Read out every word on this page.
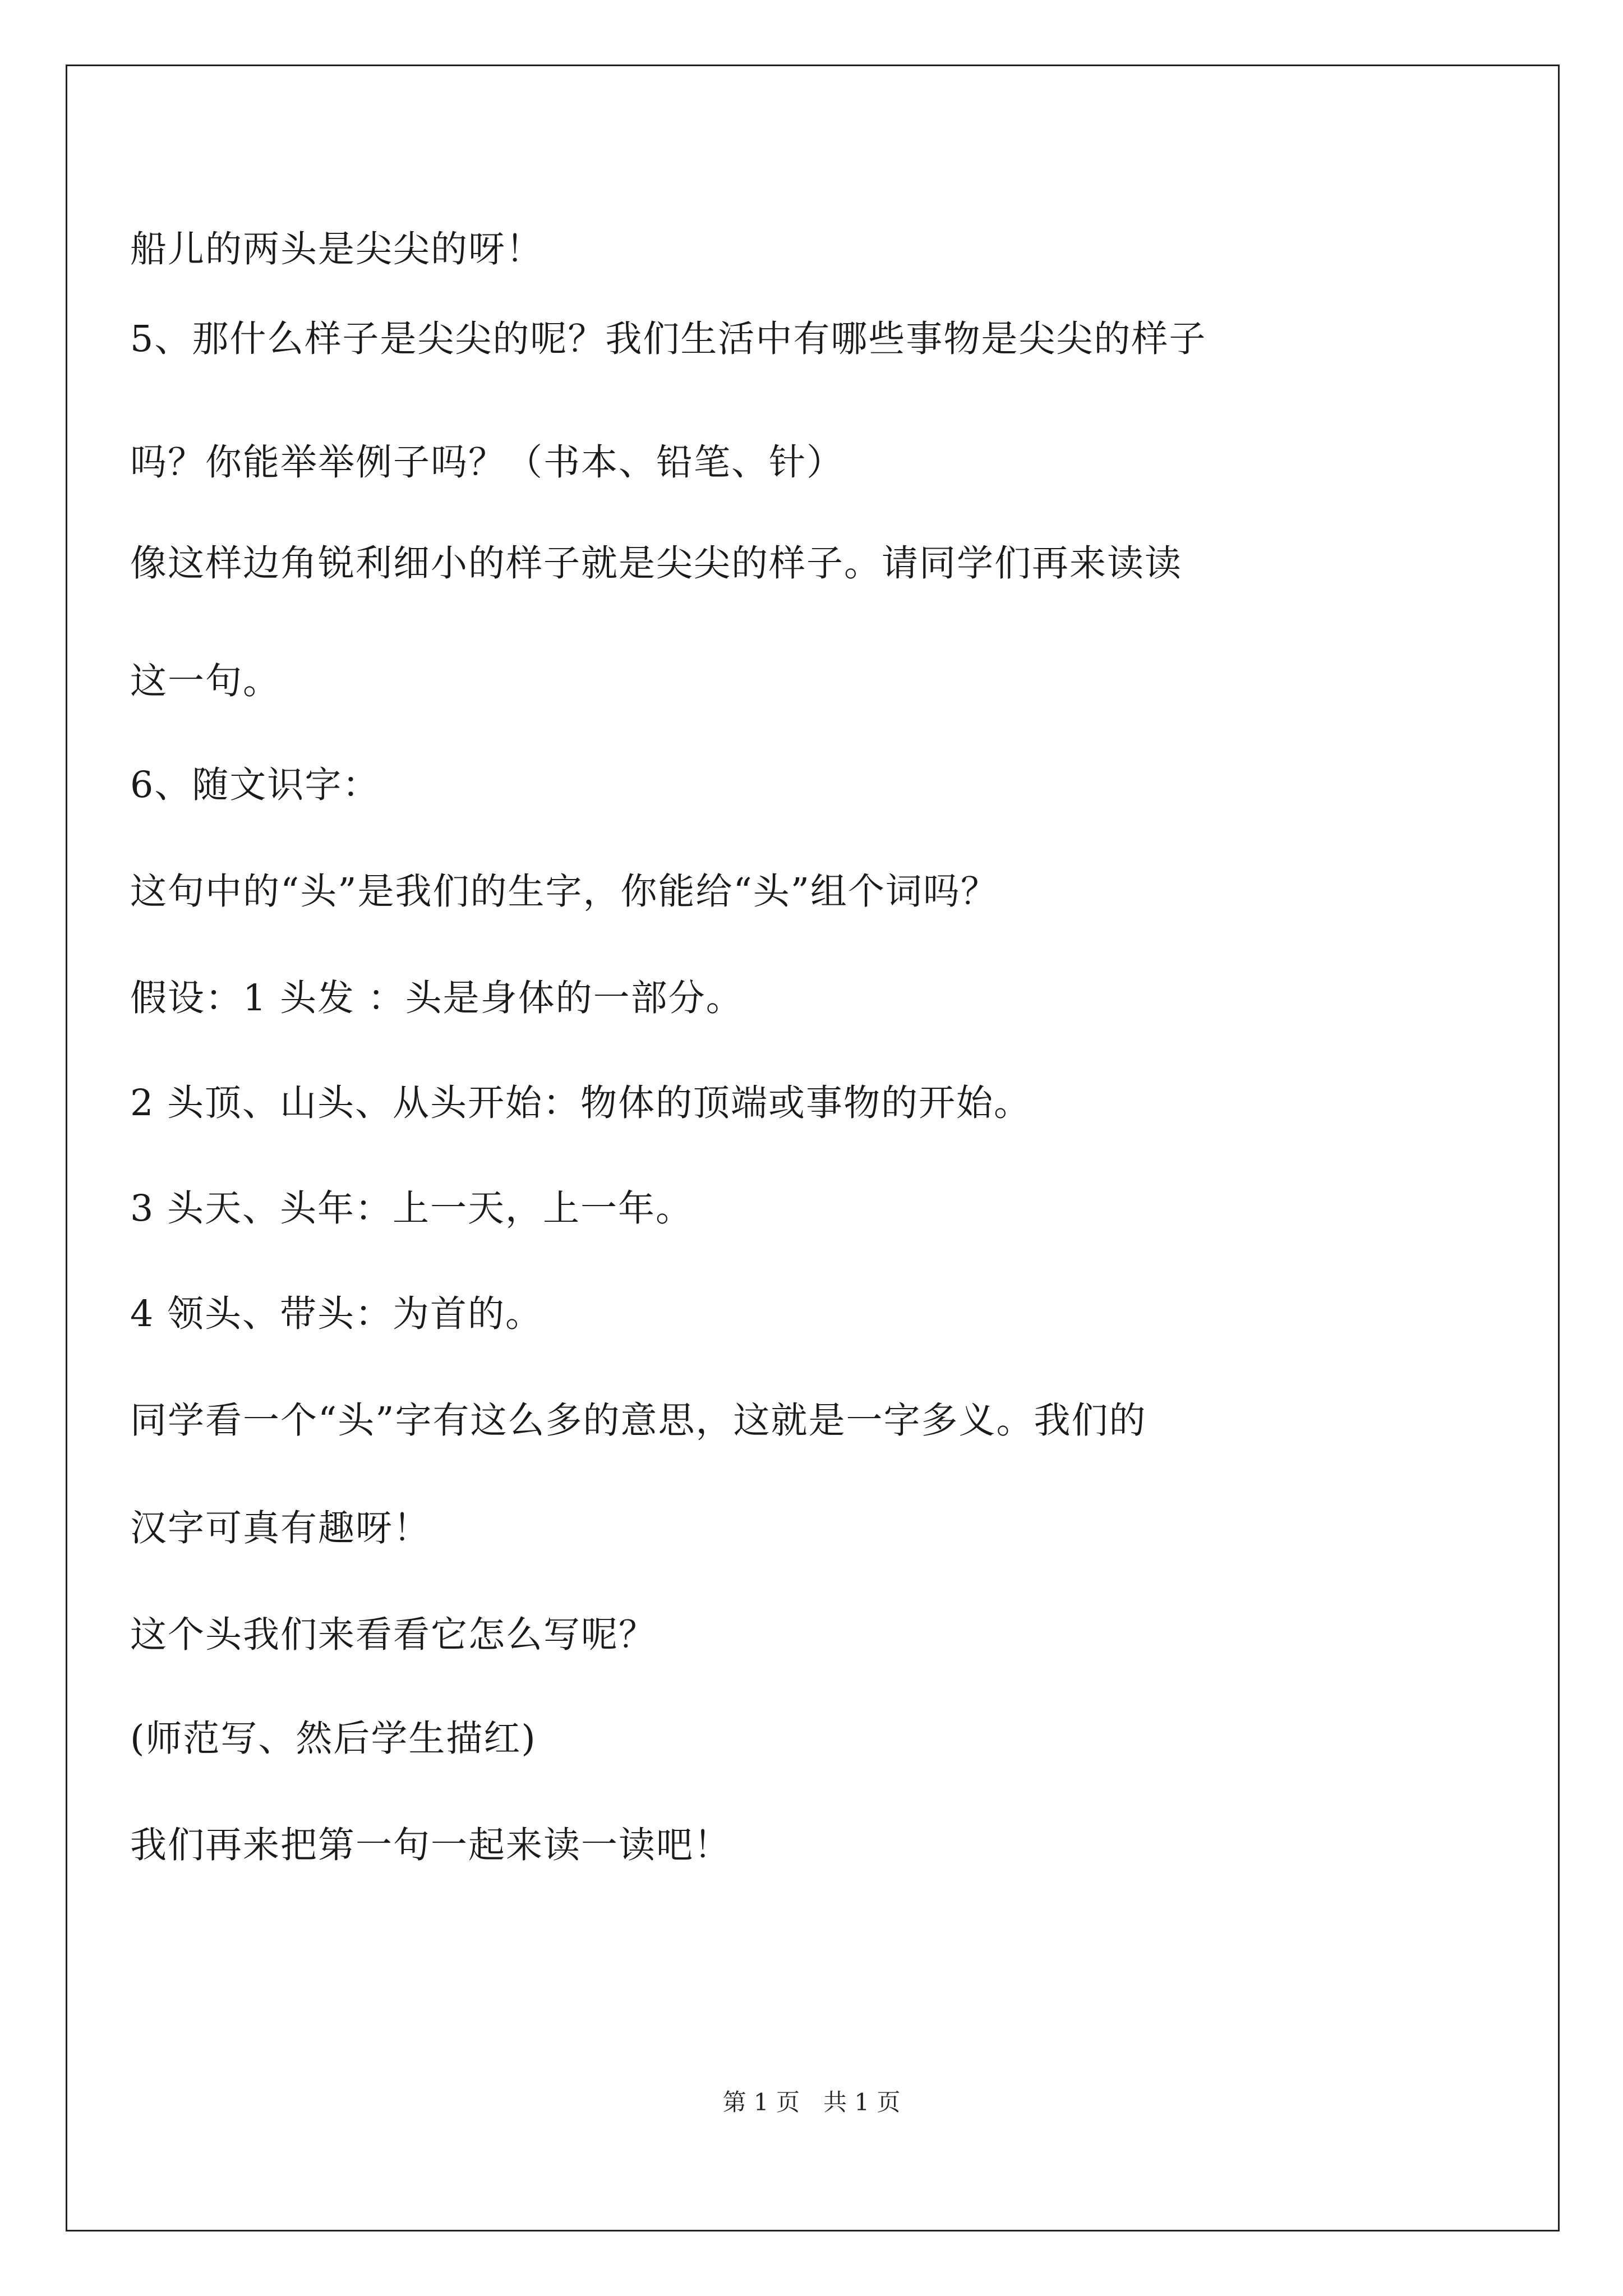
船儿的两头是尖尖的呀！
5、那什么样子是尖尖的呢？我们生活中有哪些事物是尖尖的样子
吗？你能举举例子吗？（书本、铅笔、针）
像这样边角锐利细小的样子就是尖尖的样子。请同学们再来读读
这一句。
6、随文识字：
这句中的“头”是我们的生字，你能给“头”组个词吗？
假设：1 头发 ：头是身体的一部分。
2 头顶、山头、从头开始：物体的顶端或事物的开始。
3 头天、头年：上一天，上一年。
4 领头、带头：为首的。
同学看一个“头”字有这么多的意思，这就是一字多义。我们的
汉字可真有趣呀！
这个头我们来看看它怎么写呢？
(师范写、然后学生描红)
我们再来把第一句一起来读一读吧！
第 1 页　共 1 页
